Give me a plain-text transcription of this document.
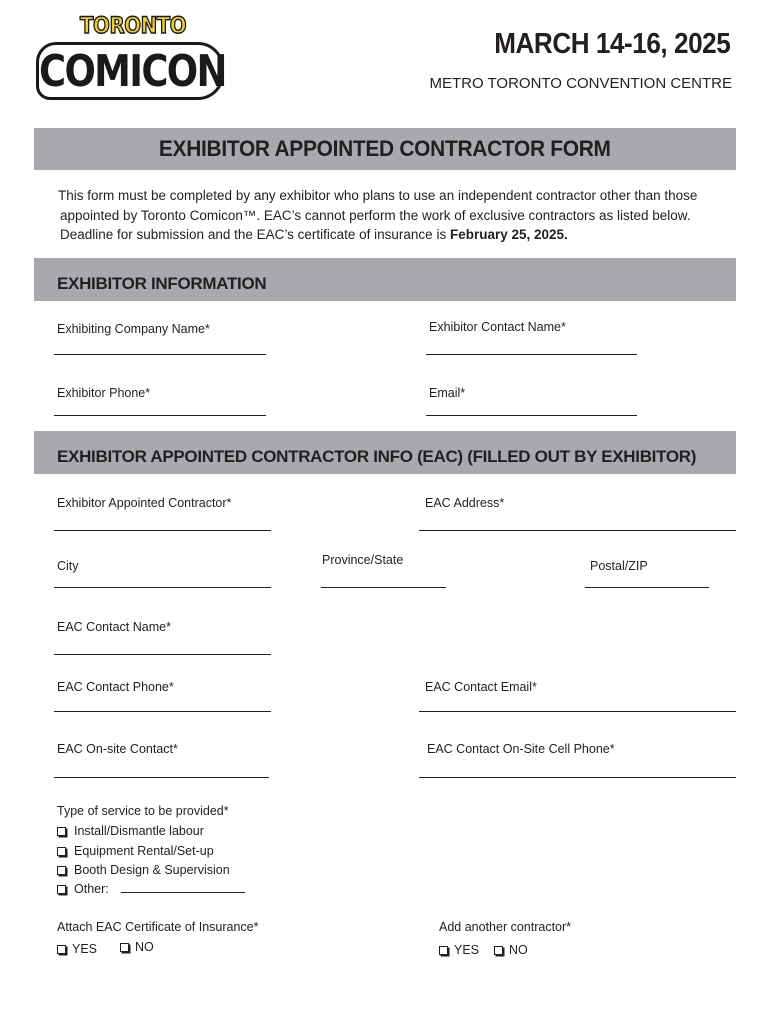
TORONTO
COMICON
MARCH 14-16, 2025
METRO TORONTO CONVENTION CENTRE
EXHIBITOR APPOINTED CONTRACTOR FORM
This form must be completed by any exhibitor who plans to use an independent contractor other than those
appointed by Toronto Comicon™. EAC’s cannot perform the work of exclusive contractors as listed below.
Deadline for submission and the EAC’s certificate of insurance is February 25, 2025.
EXHIBITOR INFORMATION
Exhibiting Company Name*	Exhibitor Contact Name*
Exhibitor Phone*	Email*
EXHIBITOR APPOINTED CONTRACTOR INFO (EAC) (FILLED OUT BY EXHIBITOR)
Exhibitor Appointed Contractor*	EAC Address*
City	Province/State	Postal/ZIP
EAC Contact Name*
EAC Contact Phone*	EAC Contact Email*
EAC On-site Contact*	EAC Contact On-Site Cell Phone*
Type of service to be provided*
Install/Dismantle labour
Equipment Rental/Set-up
Booth Design & Supervision
Other:
Attach EAC Certificate of Insurance*
YES	NO
Add another contractor*
YES NO
